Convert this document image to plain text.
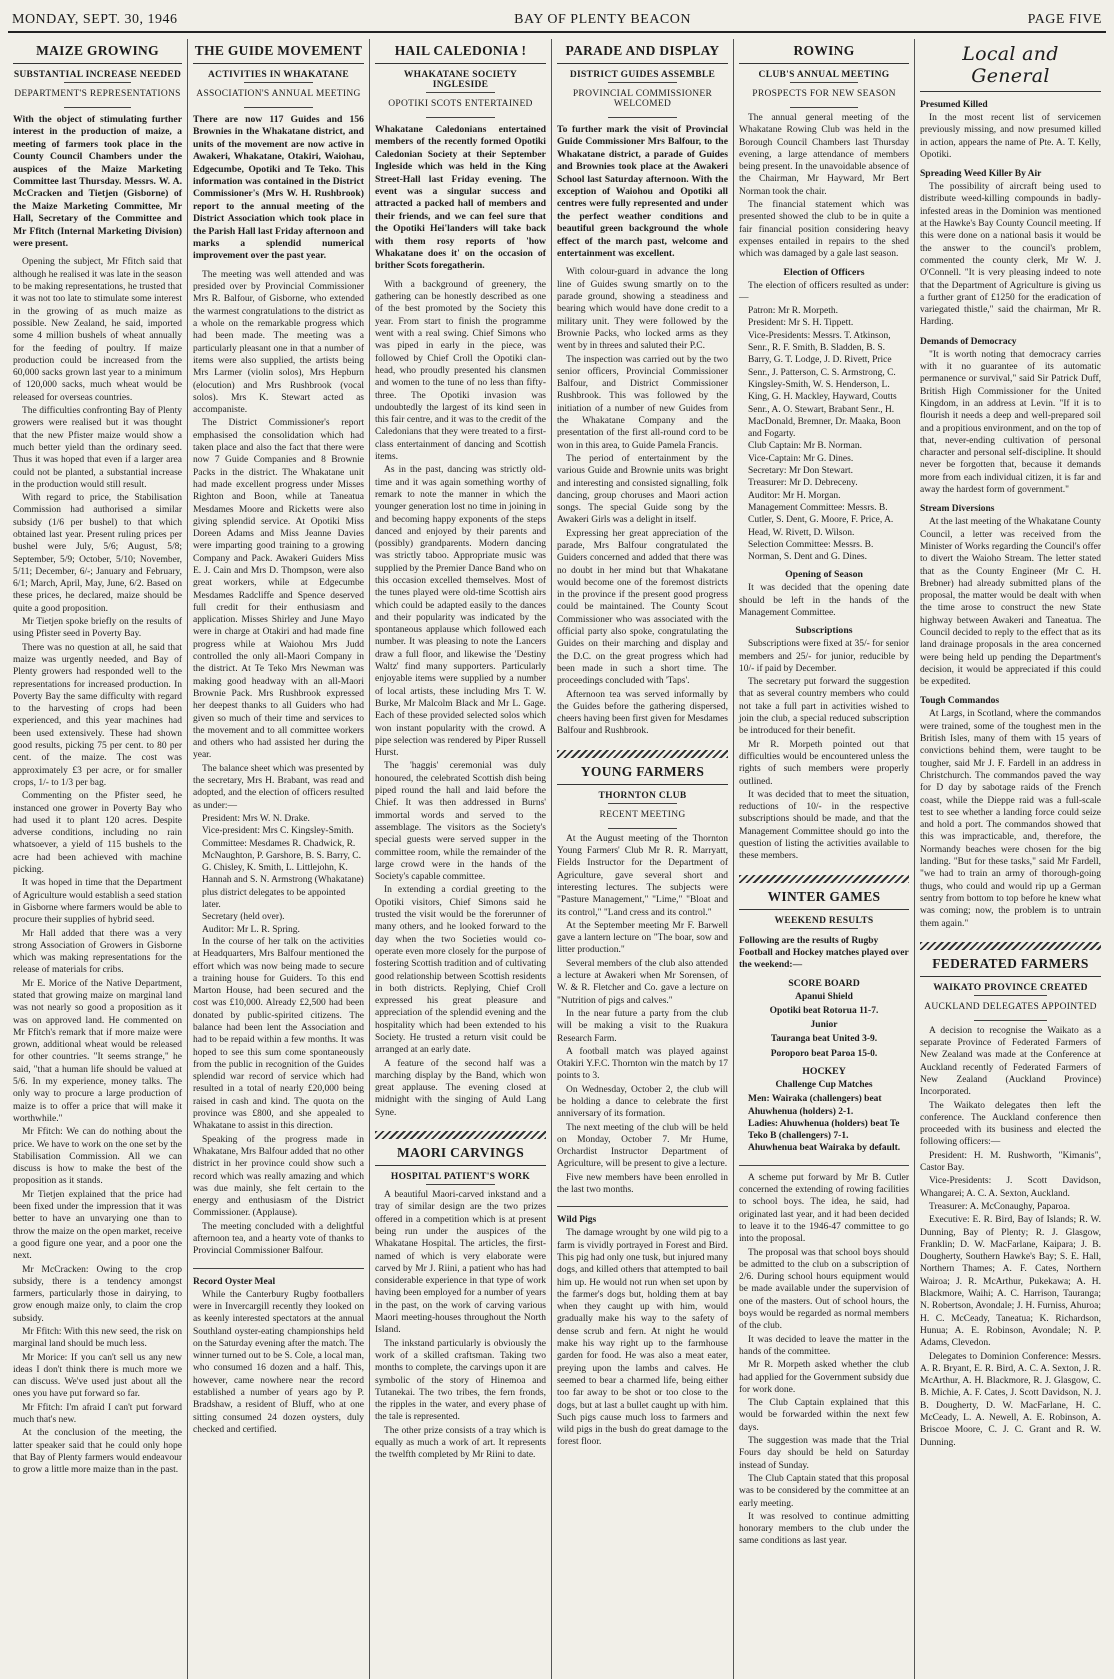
MONDAY, SEPT. 30, 1946	BAY OF PLENTY BEACON	PAGE FIVE
MAIZE GROWING
SUBSTANTIAL INCREASE NEEDED
DEPARTMENT'S REPRESENTATIONS
With the object of stimulating further interest in the production of maize, a meeting of farmers took place in the County Council Chambers under the auspices of the Maize Marketing Committee last Thursday. Messrs. W. A. McCracken and Tietjen (Gisborne) of the Maize Marketing Committee, Mr Hall, Secretary of the Committee and Mr Ffitch (Internal Marketing Division) were present.

Opening the subject, Mr Ffitch said that although he realised it was late in the season to be making representations, he trusted that it was not too late to stimulate some interest in the growing of as much maize as possible. New Zealand, he said, imported some 4 million bushels of wheat annually for the feeding of poultry. If maize production could be increased from the 60,000 sacks grown last year to a minimum of 120,000 sacks, much wheat would be released for overseas countries.

The difficulties confronting Bay of Plenty growers were realised but it was thought that the new Pfister maize would show a much better yield than the ordinary seed. Thus it was hoped that even if a larger area could not be planted, a substantial increase in the production would still result.

With regard to price, the Stabilisation Commission had authorised a similar subsidy (1/6 per bushel) to that which obtained last year. Present ruling prices per bushel were July, 5/6; August, 5/8; September, 5/9; October, 5/10; November, 5/11; December, 6/-; January and February, 6/1; March, April, May, June, 6/2. Based on these prices, he declared, maize should be quite a good proposition.

Mr Tietjen spoke briefly on the results of using Pfister seed in Poverty Bay.

There was no question at all, he said that maize was urgently needed, and Bay of Plenty growers had responded well to the representations for increased production. In Poverty Bay the same difficulty with regard to the harvesting of crops had been experienced, and this year machines had been used extensively. These had shown good results, picking 75 per cent. to 80 per cent. of the maize. The cost was approximately £3 per acre, or for smaller crops, 1/- to 1/3 per bag.

Commenting on the Pfister seed, he instanced one grower in Poverty Bay who had used it to plant 120 acres. Despite adverse conditions, including no rain whatsoever, a yield of 115 bushels to the acre had been achieved with machine picking.

It was hoped in time that the Department of Agriculture would establish a seed station in Gisborne where farmers would be able to procure their supplies of hybrid seed.

Mr Hall added that there was a very strong Association of Growers in Gisborne which was making representations for the release of materials for cribs.

Mr E. Morice of the Native Department, stated that growing maize on marginal land was not nearly so good a proposition as it was on approved land. He commented on Mr Ffitch's remark that if more maize were grown, additional wheat would be released for other countries. "It seems strange," he said, "that a human life should be valued at 5/6. In my experience, money talks. The only way to procure a large production of maize is to offer a price that will make it worthwhile."

Mr Ffitch: We can do nothing about the price. We have to work on the one set by the Stabilisation Commission. All we can discuss is how to make the best of the proposition as it stands.

Mr Tietjen explained that the price had been fixed under the impression that it was better to have an unvarying one than to throw the maize on the open market, receive a good figure one year, and a poor one the next.

Mr McCracken: Owing to the crop subsidy, there is a tendency amongst farmers, particularly those in dairying, to grow enough maize only, to claim the crop subsidy.

Mr Ffitch: With this new seed, the risk on marginal land should be much less.

Mr Morice: If you can't sell us any new ideas I don't think there is much more we can discuss. We've used just about all the ones you have put forward so far.

Mr Ffitch: I'm afraid I can't put forward much that's new.

At the conclusion of the meeting, the latter speaker said that he could only hope that Bay of Plenty farmers would endeavour to grow a little more maize than in the past.

THE GUIDE MOVEMENT
ACTIVITIES IN WHAKATANE
ASSOCIATION'S ANNUAL MEETING
There are now 117 Guides and 156 Brownies in the Whakatane district, and units of the movement are now active in Awakeri, Whakatane, Otakiri, Waiohau, Edgecumbe, Opotiki and Te Teko. This information was contained in the District Commissioner's (Mrs W. H. Rushbrook) report to the annual meeting of the District Association which took place in the Parish Hall last Friday afternoon and marks a splendid numerical improvement over the past year.

The meeting was well attended and was presided over by Provincial Commissioner Mrs R. Balfour, of Gisborne, who extended the warmest congratulations to the district as a whole on the remarkable progress which had been made. The meeting was a particularly pleasant one in that a number of items were also supplied, the artists being Mrs Larmer (violin solos), Mrs Hepburn (elocution) and Mrs Rushbrook (vocal solos). Mrs K. Stewart acted as accompaniste.

The District Commissioner's report emphasised the consolidation which had taken place and also the fact that there were now 7 Guide Companies and 8 Brownie Packs in the district. The Whakatane unit had made excellent progress under Misses Righton and Boon, while at Taneatua Mesdames Moore and Ricketts were also giving splendid service. At Opotiki Miss Doreen Adams and Miss Jeanne Davies were imparting good training to a growing Company and Pack. Awakeri Guiders Miss E. J. Cain and Mrs D. Thompson, were also great workers, while at Edgecumbe Mesdames Radcliffe and Spence deserved full credit for their enthusiasm and application. Misses Shirley and June Mayo were in charge at Otakiri and had made fine progress while at Waiohou Mrs Judd controlled the only all-Maori Company in the district. At Te Teko Mrs Newman was making good headway with an all-Maori Brownie Pack. Mrs Rushbrook expressed her deepest thanks to all Guiders who had given so much of their time and services to the movement and to all committee workers and others who had assisted her during the year.

The balance sheet which was presented by the secretary, Mrs H. Brabant, was read and adopted, and the election of officers resulted as under:—

President: Mrs W. N. Drake.

Vice-president: Mrs C. Kingsley-Smith.

Committee: Mesdames R. Chadwick, R. McNaughton, P. Garshore, B. S. Barry, C. G. Chisley, K. Smith, L. Littlejohn, K. Hannah and S. N. Armstrong (Whakatane) plus district delegates to be appointed later.

Secretary (held over).

Auditor: Mr L. R. Spring.

In the course of her talk on the activities at Headquarters, Mrs Balfour mentioned the effort which was now being made to secure a training house for Guiders. To this end Marton House, had been secured and the cost was £10,000. Already £2,500 had been donated by public-spirited citizens. The balance had been lent the Association and had to be repaid within a few months. It was hoped to see this sum come spontaneously from the public in recognition of the Guides splendid war record of service which had resulted in a total of nearly £20,000 being raised in cash and kind. The quota on the province was £800, and she appealed to Whakatane to assist in this direction.

Speaking of the progress made in Whakatane, Mrs Balfour added that no other district in her province could show such a record which was really amazing and which was due mainly, she felt certain to the energy and enthusiasm of the District Commissioner. (Applause).

The meeting concluded with a delightful afternoon tea, and a hearty vote of thanks to Provincial Commissioner Balfour.

Record Oyster Meal

While the Canterbury Rugby footballers were in Invercargill recently they looked on as keenly interested spectators at the annual Southland oyster-eating championships held on the Saturday evening after the match. The winner turned out to be S. Cole, a local man, who consumed 16 dozen and a half. This, however, came nowhere near the record established a number of years ago by P. Bradshaw, a resident of Bluff, who at one sitting consumed 24 dozen oysters, duly checked and certified.

HAIL CALEDONIA !
WHAKATANE SOCIETY INGLESIDE
OPOTIKI SCOTS ENTERTAINED
Whakatane Caledonians entertained members of the recently formed Opotiki Caledonian Society at their September Ingleside which was held in the King Street-Hall last Friday evening. The event was a singular success and attracted a packed hall of members and their friends, and we can feel sure that the Opotiki Hei'landers will take back with them rosy reports of 'how Whakatane does it' on the occasion of brither Scots foregatherin.

With a background of greenery, the gathering can be honestly described as one of the best promoted by the Society this year. From start to finish the programme went with a real swing. Chief Simons who was piped in early in the piece, was followed by Chief Croll the Opotiki clan-head, who proudly presented his clansmen and women to the tune of no less than fifty-three. The Opotiki invasion was undoubtedly the largest of its kind seen in this fair centre, and it was to the credit of the Caledonians that they were treated to a first-class entertainment of dancing and Scottish items.

As in the past, dancing was strictly old-time and it was again something worthy of remark to note the manner in which the younger generation lost no time in joining in and becoming happy exponents of the steps danced and enjoyed by their parents and (possibly) grandparents. Modern dancing was strictly taboo. Appropriate music was supplied by the Premier Dance Band who on this occasion excelled themselves. Most of the tunes played were old-time Scottish airs which could be adapted easily to the dances and their popularity was indicated by the spontaneous applause which followed each number. It was pleasing to note the Lancers draw a full floor, and likewise the 'Destiny Waltz' find many supporters. Particularly enjoyable items were supplied by a number of local artists, these including Mrs T. W. Burke, Mr Malcolm Black and Mr L. Gage. Each of these provided selected solos which won instant popularity with the crowd. A pipe selection was rendered by Piper Russell Hurst.

The 'haggis' ceremonial was duly honoured, the celebrated Scottish dish being piped round the hall and laid before the Chief. It was then addressed in Burns' immortal words and served to the assemblage. The visitors as the Society's special guests were served supper in the committee room, while the remainder of the large crowd were in the hands of the Society's capable committee.

In extending a cordial greeting to the Opotiki visitors, Chief Simons said he trusted the visit would be the forerunner of many others, and he looked forward to the day when the two Societies would co-operate even more closely for the purpose of fostering Scottish tradition and of cultivating good relationship between Scottish residents in both districts. Replying, Chief Croll expressed his great pleasure and appreciation of the splendid evening and the hospitality which had been extended to his Society. He trusted a return visit could be arranged at an early date.

A feature of the second half was a marching display by the Band, which won great applause. The evening closed at midnight with the singing of Auld Lang Syne.

MAORI CARVINGS
HOSPITAL PATIENT'S WORK

A beautiful Maori-carved inkstand and a tray of similar design are the two prizes offered in a competition which is at present being run under the auspices of the Whakatane Hospital. The articles, the first-named of which is very elaborate were carved by Mr J. Riini, a patient who has had considerable experience in that type of work having been employed for a number of years in the past, on the work of carving various Maori meeting-houses throughout the North Island.

The inkstand particularly is obviously the work of a skilled craftsman. Taking two months to complete, the carvings upon it are symbolic of the story of Hinemoa and Tutanekai. The two tribes, the fern fronds, the ripples in the water, and every phase of the tale is represented.

The other prize consists of a tray which is equally as much a work of art. It represents the twelfth completed by Mr Riini to date.

PARADE AND DISPLAY
DISTRICT GUIDES ASSEMBLE
PROVINCIAL COMMISSIONER WELCOMED
To further mark the visit of Provincial Guide Commissioner Mrs Balfour, to the Whakatane district, a parade of Guides and Brownies took place at the Awakeri School last Saturday afternoon. With the exception of Waiohou and Opotiki all centres were fully represented and under the perfect weather conditions and beautiful green background the whole effect of the march past, welcome and entertainment was excellent.

With colour-guard in advance the long line of Guides swung smartly on to the parade ground, showing a steadiness and bearing which would have done credit to a military unit. They were followed by the Brownie Packs, who locked arms as they went by in threes and saluted their P.C.

The inspection was carried out by the two senior officers, Provincial Commissioner Balfour, and District Commissioner Rushbrook. This was followed by the initiation of a number of new Guides from the Whakatane Company and the presentation of the first all-round cord to be won in this area, to Guide Pamela Francis.

The period of entertainment by the various Guide and Brownie units was bright and interesting and consisted signalling, folk dancing, group choruses and Maori action songs. The special Guide song by the Awakeri Girls was a delight in itself.

Expressing her great appreciation of the parade, Mrs Balfour congratulated the Guiders concerned and added that there was no doubt in her mind but that Whakatane would become one of the foremost districts in the province if the present good progress could be maintained. The County Scout Commissioner who was associated with the official party also spoke, congratulating the Guides on their marching and display and the D.C. on the great progress which had been made in such a short time. The proceedings concluded with 'Taps'.

Afternoon tea was served informally by the Guides before the gathering dispersed, cheers having been first given for Mesdames Balfour and Rushbrook.

YOUNG FARMERS
THORNTON CLUB
RECENT MEETING

At the August meeting of the Thornton Young Farmers' Club Mr R. R. Marryatt, Fields Instructor for the Department of Agriculture, gave several short and interesting lectures. The subjects were "Pasture Management," "Lime," "Bloat and its control," "Land cress and its control."

At the September meeting Mr F. Barwell gave a lantern lecture on "The boar, sow and litter production."

Several members of the club also attended a lecture at Awakeri when Mr Sorensen, of W. & R. Fletcher and Co. gave a lecture on "Nutrition of pigs and calves."

In the near future a party from the club will be making a visit to the Ruakura Research Farm.

A football match was played against Otakiri Y.F.C. Thornton win the match by 17 points to 3.

On Wednesday, October 2, the club will be holding a dance to celebrate the first anniversary of its formation.

The next meeting of the club will be held on Monday, October 7. Mr Hume, Orchardist Instructor Department of Agriculture, will be present to give a lecture.

Five new members have been enrolled in the last two months.

Wild Pigs

The damage wrought by one wild pig to a farm is vividly portrayed in Forest and Bird. This pig had only one tusk, but injured many dogs, and killed others that attempted to bail him up. He would not run when set upon by the farmer's dogs but, holding them at bay when they caught up with him, would gradually make his way to the safety of dense scrub and fern. At night he would make his way right up to the farmhouse garden for food. He was also a meat eater, preying upon the lambs and calves. He seemed to bear a charmed life, being either too far away to be shot or too close to the dogs, but at last a bullet caught up with him. Such pigs cause much loss to farmers and wild pigs in the bush do great damage to the forest floor.

ROWING
CLUB'S ANNUAL MEETING
PROSPECTS FOR NEW SEASON

The annual general meeting of the Whakatane Rowing Club was held in the Borough Council Chambers last Thursday evening, a large attendance of members being present. In the unavoidable absence of the Chairman, Mr Hayward, Mr Bert Norman took the chair.

The financial statement which was presented showed the club to be in quite a fair financial position considering heavy expenses entailed in repairs to the shed which was damaged by a gale last season.

Election of Officers

The election of officers resulted as under:—

Patron: Mr R. Morpeth.

President: Mr S. H. Tippett.

Vice-Presidents: Messrs. T. Atkinson, Senr., R. F. Smith, B. Sladden, B. S. Barry, G. T. Lodge, J. D. Rivett, Price Senr., J. Patterson, C. S. Armstrong, C. Kingsley-Smith, W. S. Henderson, L. King, G. H. Mackley, Hayward, Coutts Senr., A. O. Stewart, Brabant Senr., H. MacDonald, Bremner, Dr. Maaka, Boon and Fogarty.

Club Captain: Mr B. Norman.

Vice-Captain: Mr G. Dines.

Secretary: Mr Don Stewart.

Treasurer: Mr D. Debreceny.

Auditor: Mr H. Morgan.

Management Committee: Messrs. B. Cutler, S. Dent, G. Moore, F. Price, A. Head, W. Rivett, D. Wilson.

Selection Committee: Messrs. B. Norman, S. Dent and G. Dines.

Opening of Season

It was decided that the opening date should be left in the hands of the Management Committee.

Subscriptions

Subscriptions were fixed at 35/- for senior members and 25/- for junior, reducible by 10/- if paid by December.

The secretary put forward the suggestion that as several country members who could not take a full part in activities wished to join the club, a special reduced subscription be introduced for their benefit.

Mr R. Morpeth pointed out that difficulties would be encountered unless the rights of such members were properly outlined.

It was decided that to meet the situation, reductions of 10/- in the respective subscriptions should be made, and that the Management Committee should go into the question of listing the activities available to these members.

WINTER GAMES
WEEKEND RESULTS
Following are the results of Rugby Football and Hockey matches played over the weekend:—
SCORE BOARD

Apanui Shield

Opotiki beat Rotorua 11-7.

Junior

Tauranga beat United 3-9.

Poroporo beat Paroa 15-0.

HOCKEY

Challenge Cup Matches

Men: Wairaka (challengers) beat Ahuwhenua (holders) 2-1.

Ladies: Ahuwhenua (holders) beat Te Teko B (challengers) 7-1.

Ahuwhenua beat Wairaka by default.

A scheme put forward by Mr B. Cutler concerned the extending of rowing facilities to school boys. The idea, he said, had originated last year, and it had been decided to leave it to the 1946-47 committee to go into the proposal.

The proposal was that school boys should be admitted to the club on a subscription of 2/6. During school hours equipment would be made available under the supervision of one of the masters. Out of school hours, the boys would be regarded as normal members of the club.

It was decided to leave the matter in the hands of the committee.

Mr R. Morpeth asked whether the club had applied for the Government subsidy due for work done.

The Club Captain explained that this would be forwarded within the next few days.

The suggestion was made that the Trial Fours day should be held on Saturday instead of Sunday.

The Club Captain stated that this proposal was to be considered by the committee at an early meeting.

It was resolved to continue admitting honorary members to the club under the same conditions as last year.

Local and General
Presumed Killed

In the most recent list of servicemen previously missing, and now presumed killed in action, appears the name of Pte. A. T. Kelly, Opotiki.

Spreading Weed Killer By Air

The possibility of aircraft being used to distribute weed-killing compounds in badly-infested areas in the Dominion was mentioned at the Hawke's Bay County Council meeting. If this were done on a national basis it would be the answer to the council's problem, commented the county clerk, Mr W. J. O'Connell. "It is very pleasing indeed to note that the Department of Agriculture is giving us a further grant of £1250 for the eradication of variegated thistle," said the chairman, Mr R. Harding.

Demands of Democracy

"It is worth noting that democracy carries with it no guarantee of its automatic permanence or survival," said Sir Patrick Duff, British High Commissioner for the United Kingdom, in an address at Levin. "If it is to flourish it needs a deep and well-prepared soil and a propitious environment, and on the top of that, never-ending cultivation of personal character and personal self-discipline. It should never be forgotten that, because it demands more from each individual citizen, it is far and away the hardest form of government."

Stream Diversions

At the last meeting of the Whakatane County Council, a letter was received from the Minister of Works regarding the Council's offer to divert the Waioho Stream. The letter stated that as the County Engineer (Mr C. H. Brebner) had already submitted plans of the proposal, the matter would be dealt with when the time arose to construct the new State highway between Awakeri and Taneatua. The Council decided to reply to the effect that as its land drainage proposals in the area concerned were being held up pending the Department's decision, it would be appreciated if this could be expedited.

Tough Commandos

At Largs, in Scotland, where the commandos were trained, some of the toughest men in the British Isles, many of them with 15 years of convictions behind them, were taught to be tougher, said Mr J. F. Fardell in an address in Christchurch. The commandos paved the way for D day by sabotage raids of the French coast, while the Dieppe raid was a full-scale test to see whether a landing force could seize and hold a port. The commandos showed that this was impracticable, and, therefore, the Normandy beaches were chosen for the big landing. "But for these tasks," said Mr Fardell, "we had to train an army of thorough-going thugs, who could and would rip up a German sentry from bottom to top before he knew what was coming; now, the problem is to untrain them again."

FEDERATED FARMERS
WAIKATO PROVINCE CREATED
AUCKLAND DELEGATES APPOINTED

A decision to recognise the Waikato as a separate Province of Federated Farmers of New Zealand was made at the Conference at Auckland recently of Federated Farmers of New Zealand (Auckland Province) Incorporated.

The Waikato delegates then left the conference. The Auckland conference then proceeded with its business and elected the following officers:—

President: H. M. Rushworth, "Kimanis", Castor Bay.

Vice-Presidents: J. Scott Davidson, Whangarei; A. C. A. Sexton, Auckland.

Treasurer: A. McConaughy, Paparoa.

Executive: E. R. Bird, Bay of Islands; R. W. Dunning, Bay of Plenty; R. J. Glasgow, Franklin; D. W. MacFarlane, Kaipara; J. B. Dougherty, Southern Hawke's Bay; S. E. Hall, Northern Thames; A. F. Cates, Northern Wairoa; J. R. McArthur, Pukekawa; A. H. Blackmore, Waihi; A. C. Harrison, Tauranga; N. Robertson, Avondale; J. H. Furniss, Ahuroa; H. C. McCeady, Taneatua; K. Richardson, Hunua; A. E. Robinson, Avondale; N. P. Adams, Clevedon.

Delegates to Dominion Conference: Messrs. A. R. Bryant, E. R. Bird, A. C. A. Sexton, J. R. McArthur, A. H. Blackmore, R. J. Glasgow, C. B. Michie, A. F. Cates, J. Scott Davidson, N. J. B. Dougherty, D. W. MacFarlane, H. C. McCeady, L. A. Newell, A. E. Robinson, A. Briscoe Moore, C. J. C. Grant and R. W. Dunning.
